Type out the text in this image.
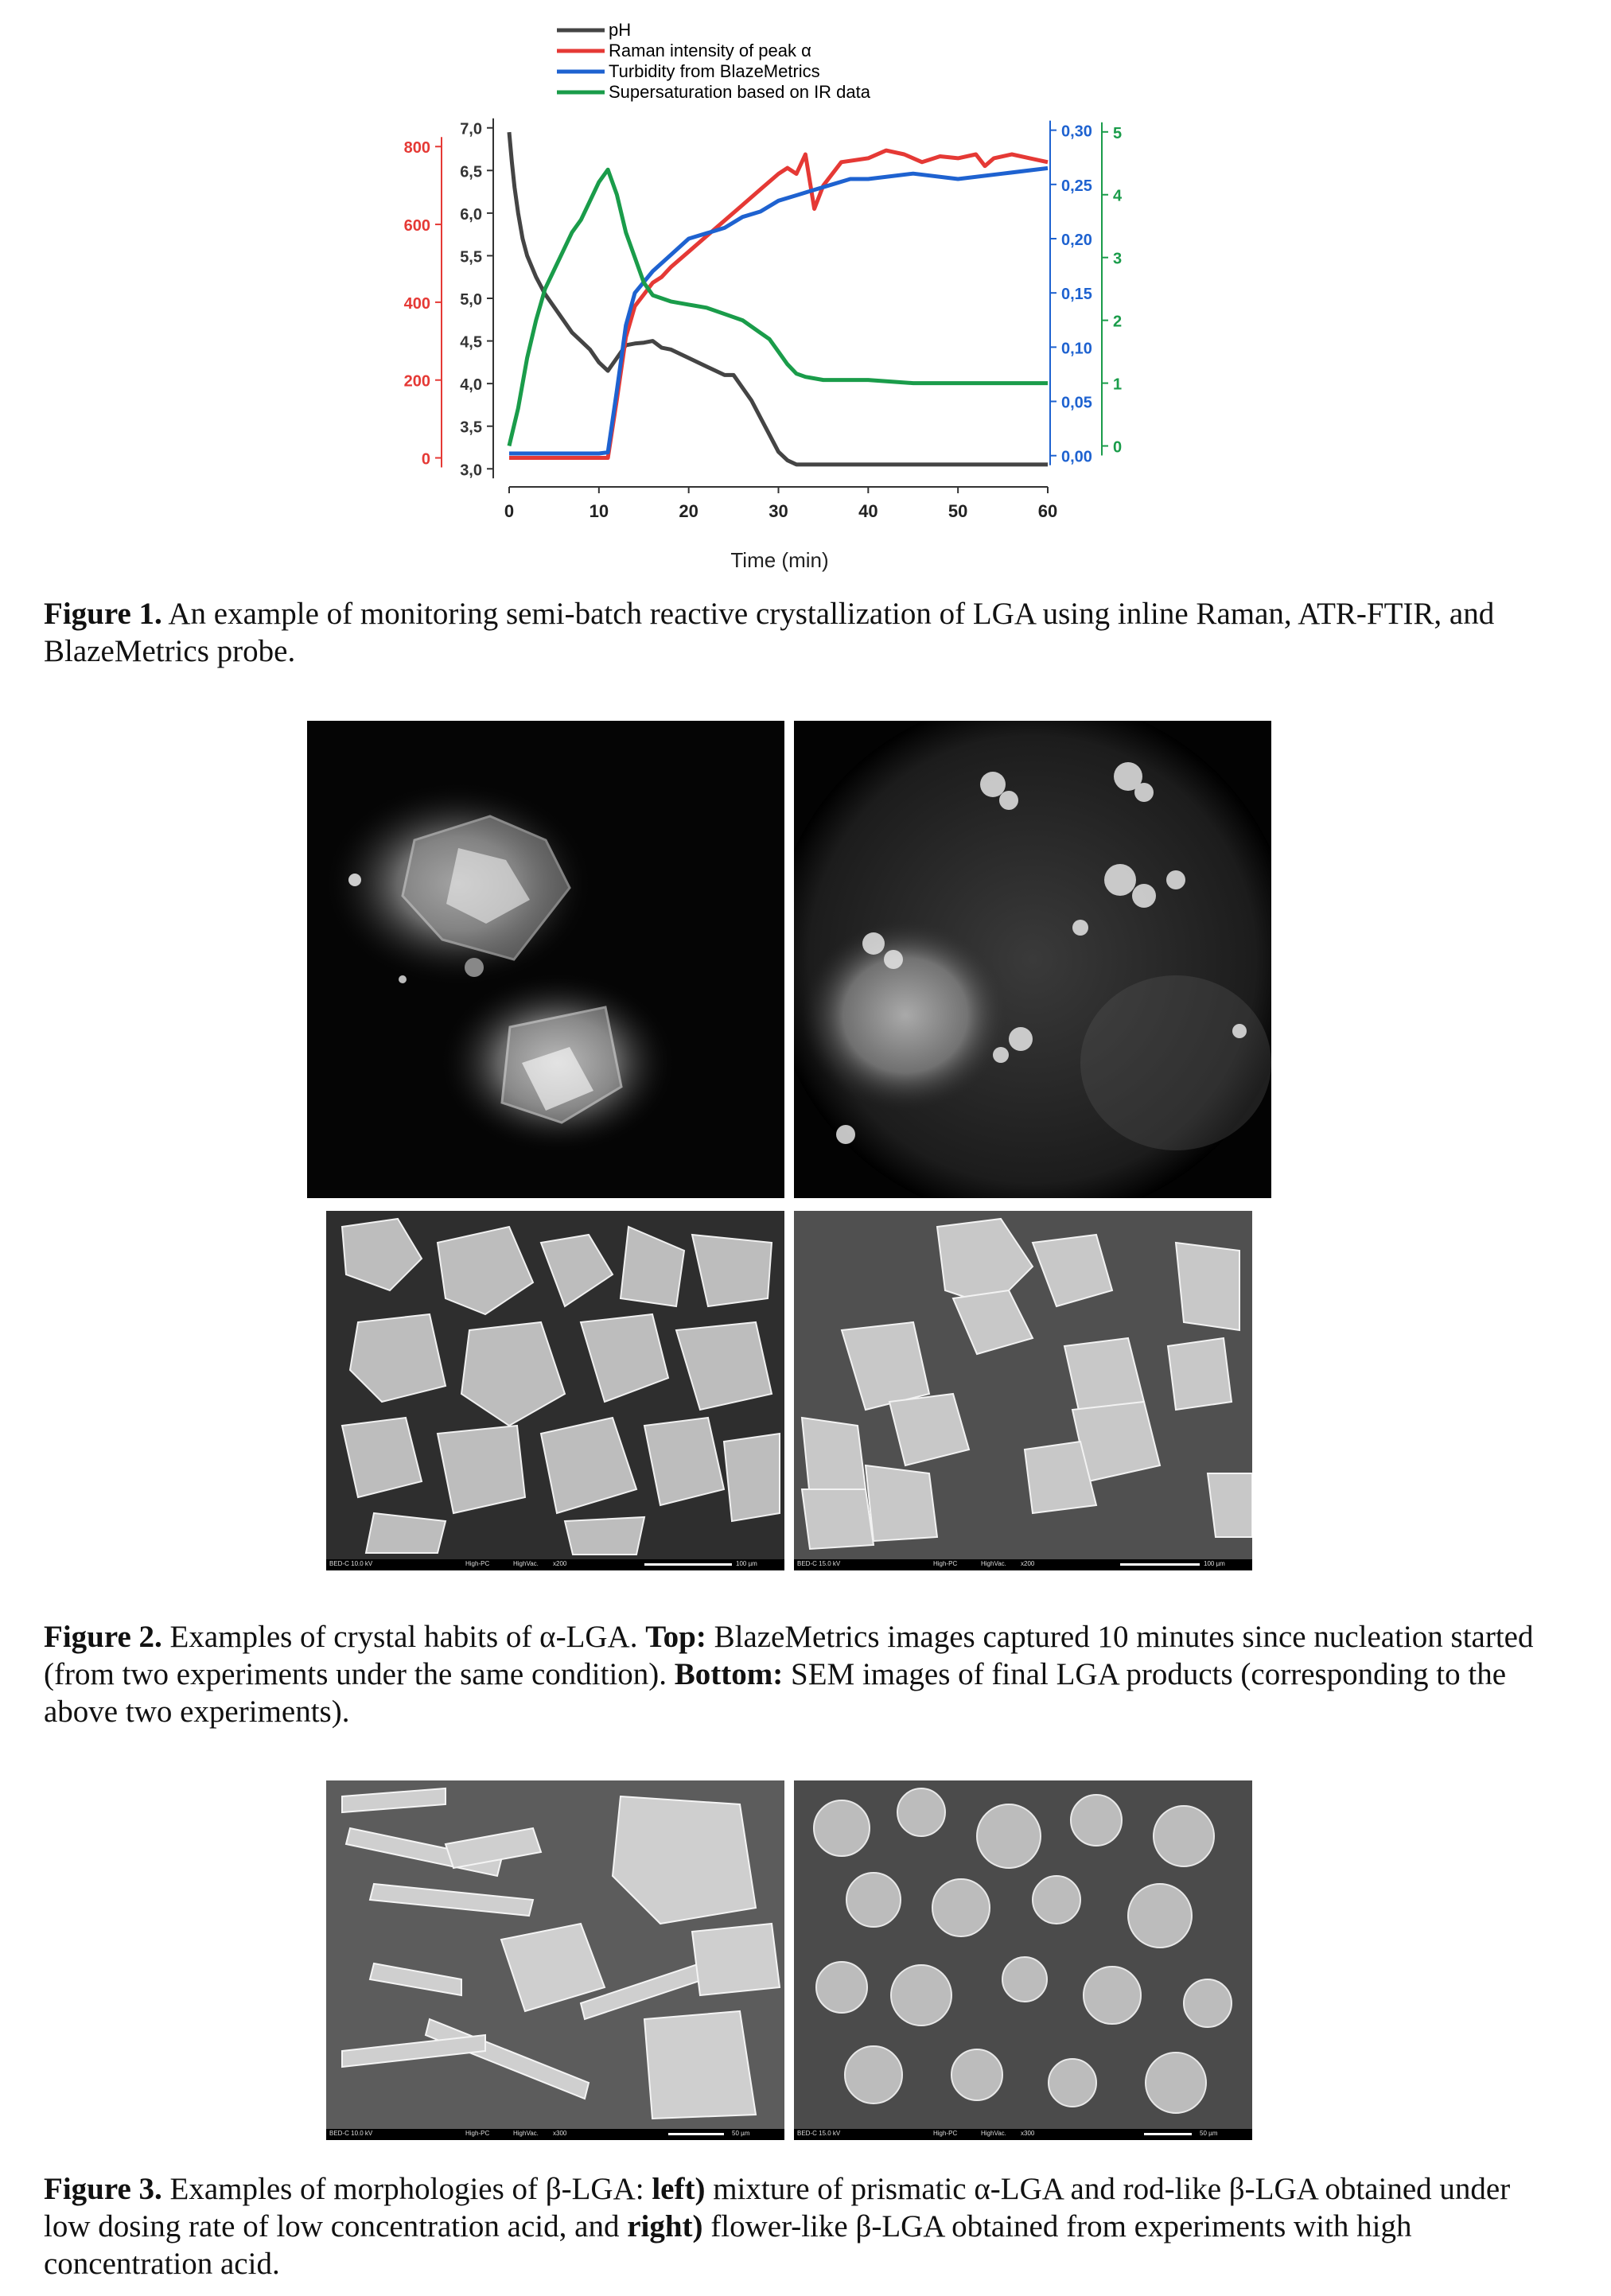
pH
Raman intensity of peak α
Turbidity from BlazeMetrics
Supersaturation based on IR data
0	10	20	30	40	50	60
0
200
400
600
800
3,0
3,5
4,0
4,5
5,0
5,5
6,0
6,5
7,0
0,00
0,05
0,10
0,15
0,20
0,25
0,30
0
1
2
3
4
5
Time (min)
Figure 1. An example of monitoring semi-batch reactive crystallization of LGA using inline Raman, ATR-FTIR, and BlazeMetrics probe.
BED-C 10.0 kV	High-PC	HighVac. x200	100 µm	BED-C 15.0 kV	High-PC	HighVac. x200	100 µm
Figure 2. Examples of crystal habits of α-LGA. Top: BlazeMetrics images captured 10 minutes since nucleation started (from two experiments under the same condition). Bottom: SEM images of final LGA products (corresponding to the above two experiments).
BED-C 10.0 kV	High-PC	HighVac. x300	50 µm	BED-C 15.0 kV	High-PC	HighVac. x300	50 µm
Figure 3. Examples of morphologies of β-LGA: left) mixture of prismatic α-LGA and rod-like β-LGA obtained under low dosing rate of low concentration acid, and right) flower-like β-LGA obtained from experiments with high concentration acid.
